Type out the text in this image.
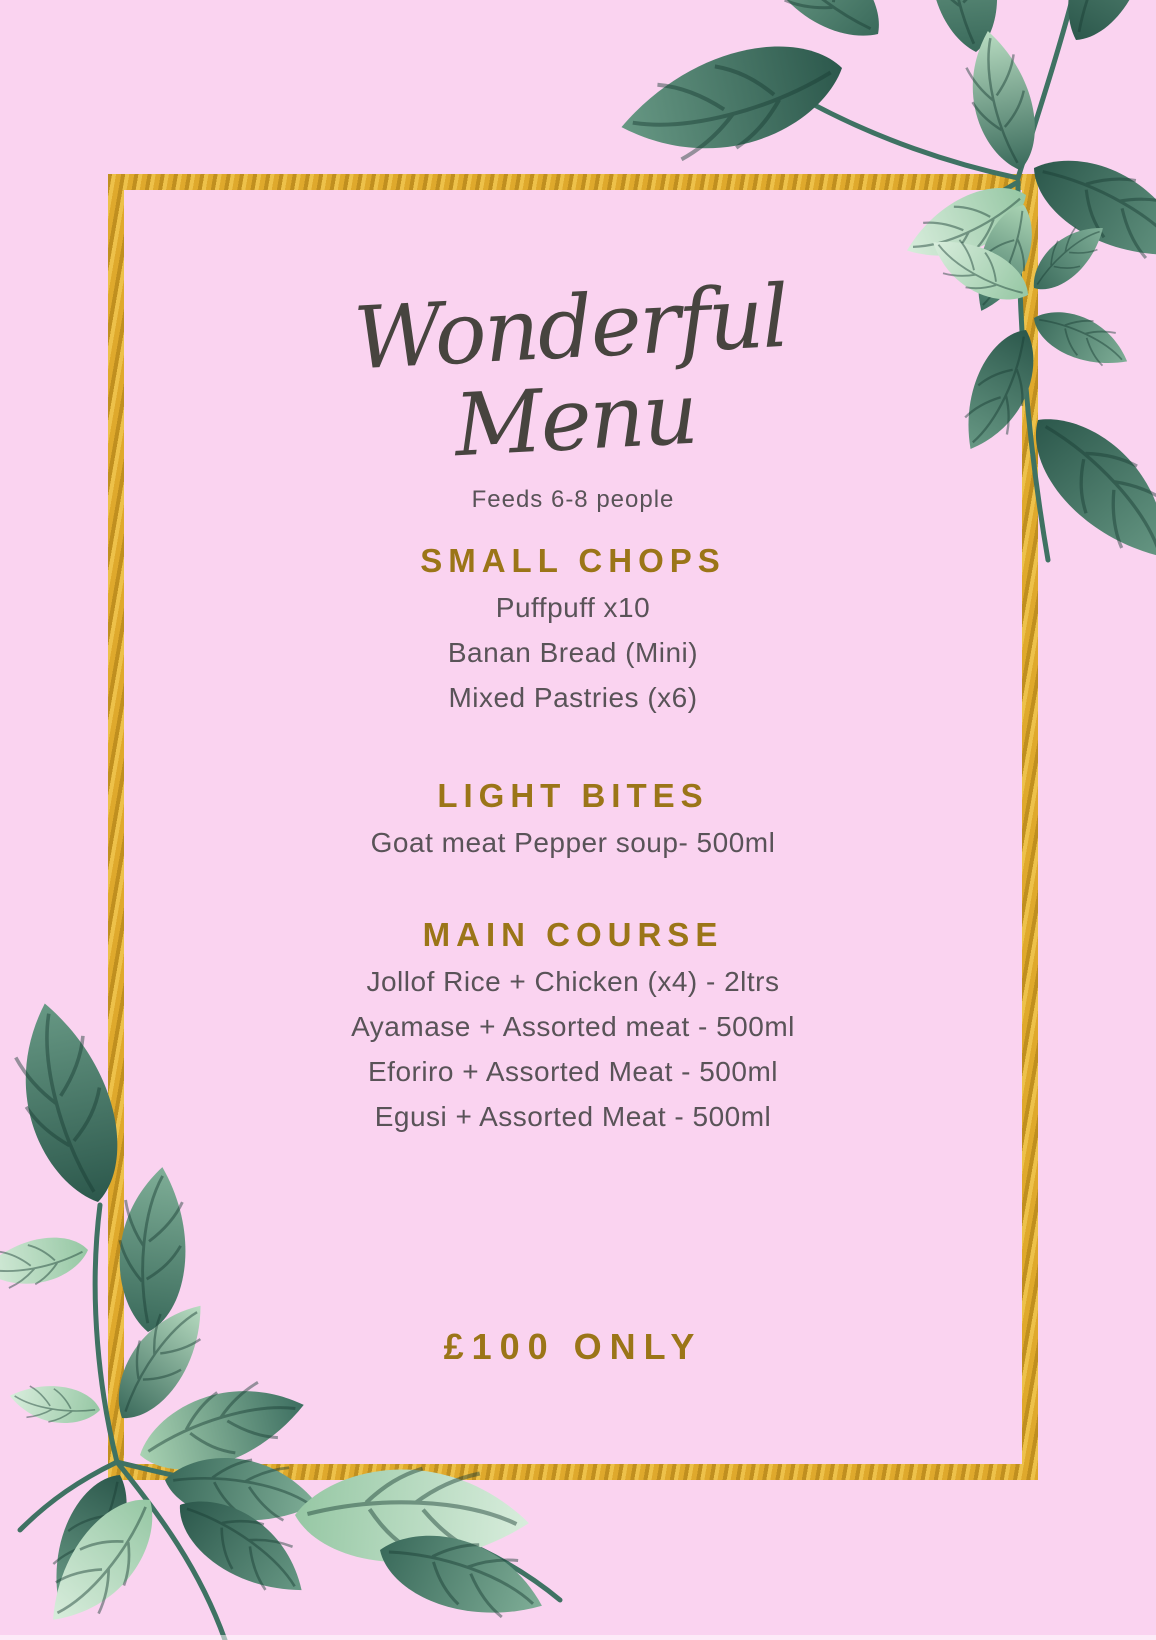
Wonderful
Menu
Feeds 6-8 people
SMALL CHOPS
Puffpuff x10
Banan Bread (Mini)
Mixed Pastries (x6)
LIGHT BITES
Goat meat Pepper soup- 500ml
MAIN COURSE
Jollof Rice + Chicken (x4) - 2ltrs
Ayamase + Assorted meat - 500ml
Eforiro + Assorted Meat - 500ml
Egusi + Assorted Meat - 500ml
£100 ONLY
